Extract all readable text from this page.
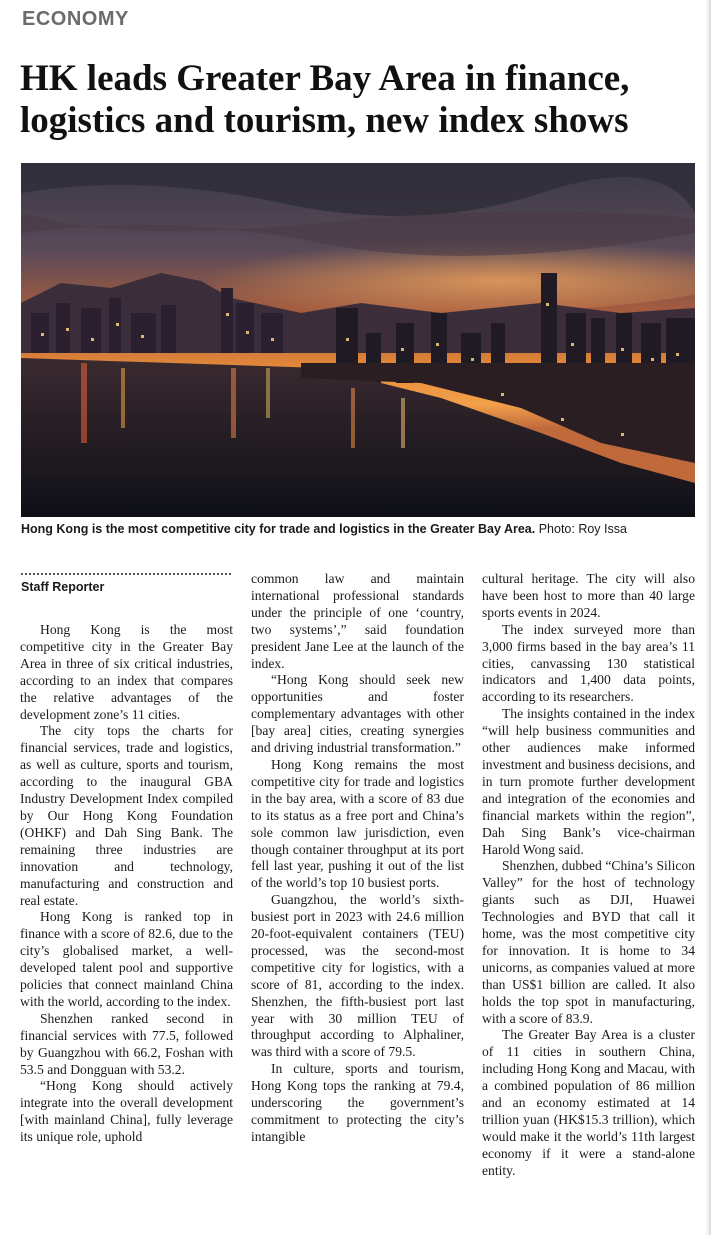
ECONOMY
HK leads Greater Bay Area in finance, logistics and tourism, new index shows
Hong Kong is the most competitive city for trade and logistics in the Greater Bay Area. Photo: Roy Issa
Staff Reporter

Hong Kong is the most competitive city in the Greater Bay Area in three of six critical industries, according to an index that compares the relative advantages of the development zone’s 11 cities.

The city tops the charts for financial services, trade and logistics, as well as culture, sports and tourism, according to the inaugural GBA Industry Development Index compiled by Our Hong Kong Foundation (OHKF) and Dah Sing Bank. The remaining three industries are innovation and technology, manufacturing and construction and real estate.

Hong Kong is ranked top in finance with a score of 82.6, due to the city’s globalised market, a well-developed talent pool and supportive policies that connect mainland China with the world, according to the index.

Shenzhen ranked second in financial services with 77.5, followed by Guangzhou with 66.2, Foshan with 53.5 and Dongguan with 53.2.

“Hong Kong should actively integrate into the overall development [with mainland China], fully leverage its unique role, uphold

common law and maintain international professional standards under the principle of one ‘country, two systems’,” said foundation president Jane Lee at the launch of the index.

“Hong Kong should seek new opportunities and foster complementary advantages with other [bay area] cities, creating synergies and driving industrial transformation.”

Hong Kong remains the most competitive city for trade and logistics in the bay area, with a score of 83 due to its status as a free port and China’s sole common law jurisdiction, even though container throughput at its port fell last year, pushing it out of the list of the world’s top 10 busiest ports.

Guangzhou, the world’s sixth-busiest port in 2023 with 24.6 million 20-foot-equivalent containers (TEU) processed, was the second-most competitive city for logistics, with a score of 81, according to the index. Shenzhen, the fifth-busiest port last year with 30 million TEU of throughput according to Alphaliner, was third with a score of 79.5.

In culture, sports and tourism, Hong Kong tops the ranking at 79.4, underscoring the government’s commitment to protecting the city’s intangible

cultural heritage. The city will also have been host to more than 40 large sports events in 2024.

The index surveyed more than 3,000 firms based in the bay area’s 11 cities, canvassing 130 statistical indicators and 1,400 data points, according to its researchers.

The insights contained in the index “will help business communities and other audiences make informed investment and business decisions, and in turn promote further development and integration of the economies and financial markets within the region”, Dah Sing Bank’s vice-chairman Harold Wong said.

Shenzhen, dubbed “China’s Silicon Valley” for the host of technology giants such as DJI, Huawei Technologies and BYD that call it home, was the most competitive city for innovation. It is home to 34 unicorns, as companies valued at more than US$1 billion are called. It also holds the top spot in manufacturing, with a score of 83.9.

The Greater Bay Area is a cluster of 11 cities in southern China, including Hong Kong and Macau, with a combined population of 86 million and an economy estimated at 14 trillion yuan (HK$15.3 trillion), which would make it the world’s 11th largest economy if it were a stand-alone entity.
